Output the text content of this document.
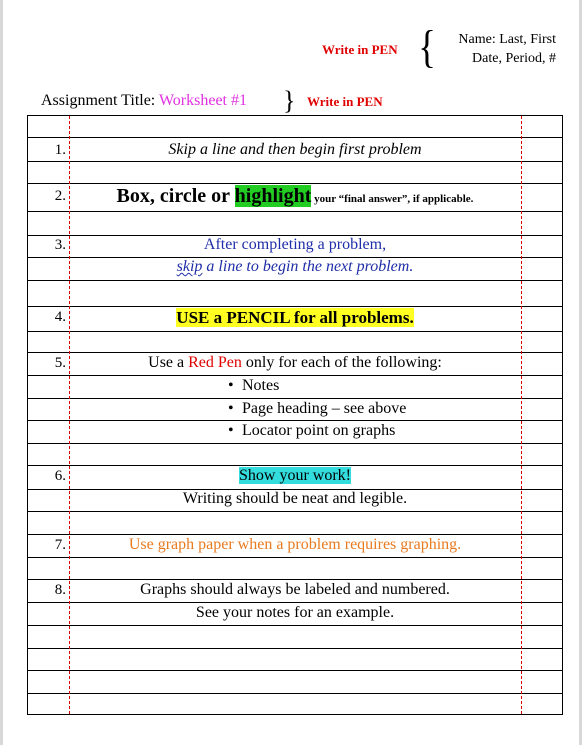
Write in PEN { Name: Last, First
Date, Period, #
Assignment Title: Worksheet #1 } Write in PEN
1.	Skip a line and then begin first problem
2.	Box, circle or highlight your “final answer”, if applicable.
3.	After completing a problem,
skip a line to begin the next problem.
4.	USE a PENCIL for all problems.
5.	Use a Red Pen only for each of the following:
• Notes
• Page heading – see above
• Locator point on graphs
6.	Show your work!
Writing should be neat and legible.
7.	Use graph paper when a problem requires graphing.
8.	Graphs should always be labeled and numbered.
See your notes for an example.
